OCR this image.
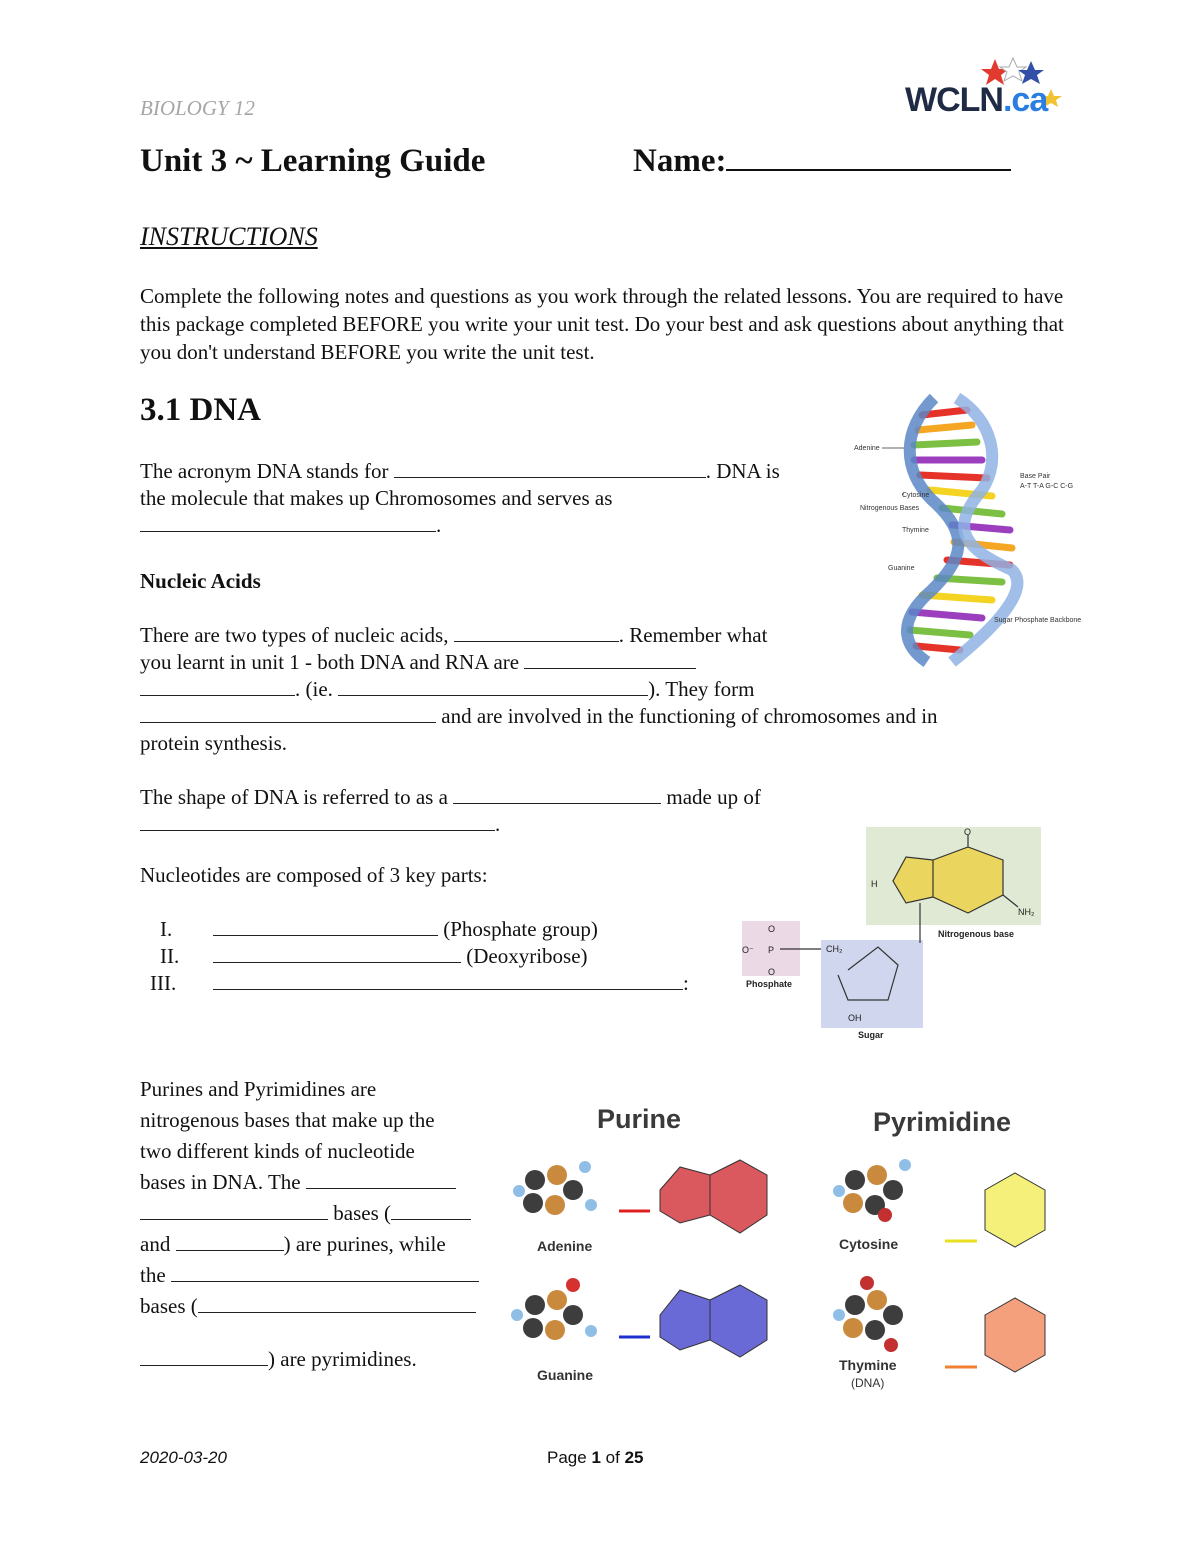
BIOLOGY 12	WCLN.ca
Unit 3 ~ Learning Guide	Name:
INSTRUCTIONS
Complete the following notes and questions as you work through the related lessons. You are required to have this package completed BEFORE you write your unit test. Do your best and ask questions about anything that you don't understand BEFORE you write the unit test.
3.1 DNA
The acronym DNA stands for	. DNA is
the molecule that makes up Chromosomes and serves as
.
Nucleic Acids
There are two types of nucleic acids,	. Remember what
you learnt in unit 1 - both DNA and RNA are
. (ie.	). They form
and are involved in the functioning of chromosomes and in
protein synthesis.
The shape of DNA is referred to as a	made up of
.
Nucleotides are composed of 3 key parts:
I.	(Phosphate group)
II.	(Deoxyribose)
III.	:
Purines and Pyrimidines are
nitrogenous bases that make up the
two different kinds of nucleotide
bases in DNA. The
bases (
and	) are purines, while
the
bases (
) are pyrimidines.
Adenine
Cytosine
Nitrogenous Bases
Thymine
Guanine
Base Pair
A-T T-A G-C C-G
Sugar Phosphate Backbone
O
H
NH₂
Nitrogenous base
O
O⁻ P
O
Phosphate
CH₂
OH
Sugar
Purine	Pyrimidine
Adenine
Guanine
Cytosine
Thymine
(DNA)
2020-03-20	Page 1 of 25
